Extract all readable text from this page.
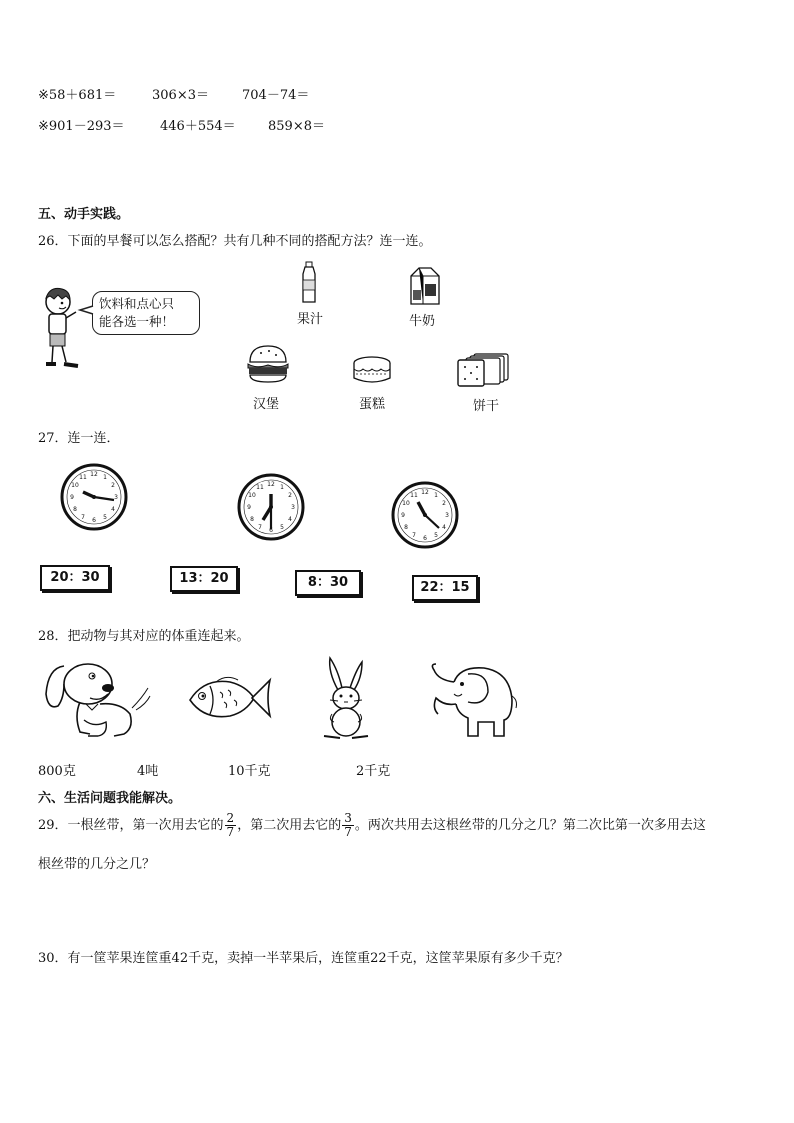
※58＋681＝	306×3＝	704－74＝
※901－293＝	446＋554＝ 859×8＝
五、动手实践。
26．下面的早餐可以怎么搭配？共有几种不同的搭配方法？连一连。
饮料和点心只
能各选一种！	果汁	牛奶
汉堡	蛋糕	饼干
27．连一连．
12 1
2
3
4
5
6
7
8
9
10
11
12 1
2
3
4
5
6
7
8
9
10
11
12 1
2
3
4
5
6
7
8
9
10
11
20：30	13：20	8：30	22：15
28．把动物与其对应的体重连起来。
800克	4吨	10千克	2千克
六、生活问题我能解决。
29．一根丝带，第一次用去它的 $\frac{2}{7}$ ，第二次用去它的 $\frac{3}{7}$ 。两次共用去这根丝带的几分之几？第二次比第一次多用去这
根丝带的几分之几？
30．有一筐苹果连筐重42千克，卖掉一半苹果后，连筐重22千克，这筐苹果原有多少千克？
